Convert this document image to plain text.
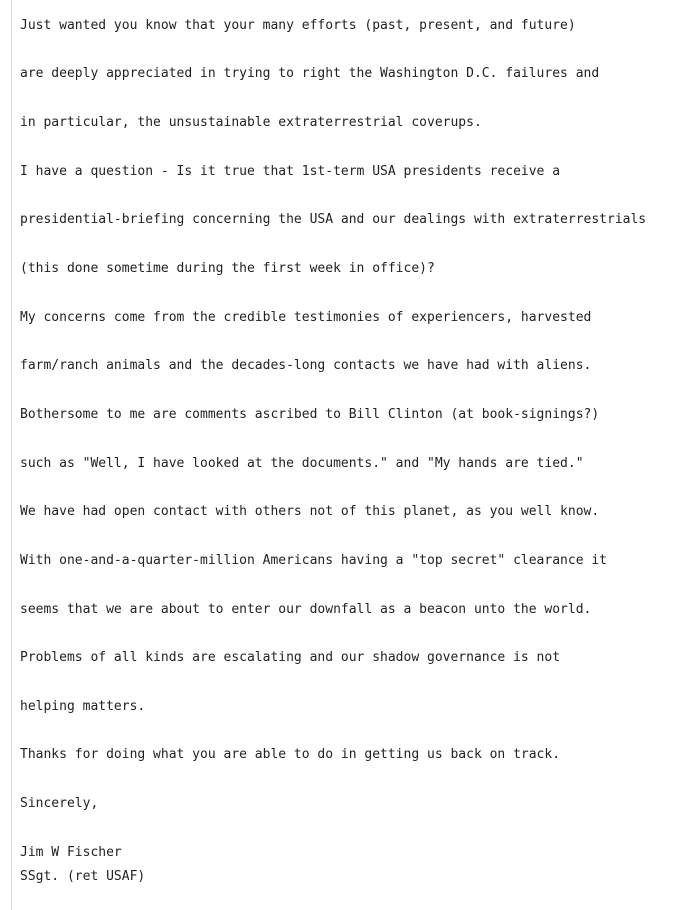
Just wanted you know that your many efforts (past, present, and future)

are deeply appreciated in trying to right the Washington D.C. failures and

in particular, the unsustainable extraterrestrial coverups.

I have a question - Is it true that 1st-term USA presidents receive a

presidential-briefing concerning the USA and our dealings with extraterrestrials

(this done sometime during the first week in office)?

My concerns come from the credible testimonies of experiencers, harvested

farm/ranch animals and the decades-long contacts we have had with aliens.

Bothersome to me are comments ascribed to Bill Clinton (at book-signings?)

such as "Well, I have looked at the documents." and "My hands are tied."

We have had open contact with others not of this planet, as you well know.

With one-and-a-quarter-million Americans having a "top secret" clearance it

seems that we are about to enter our downfall as a beacon unto the world.

Problems of all kinds are escalating and our shadow governance is not

helping matters.

Thanks for doing what you are able to do in getting us back on track.

Sincerely,

Jim W Fischer

SSgt. (ret USAF)
